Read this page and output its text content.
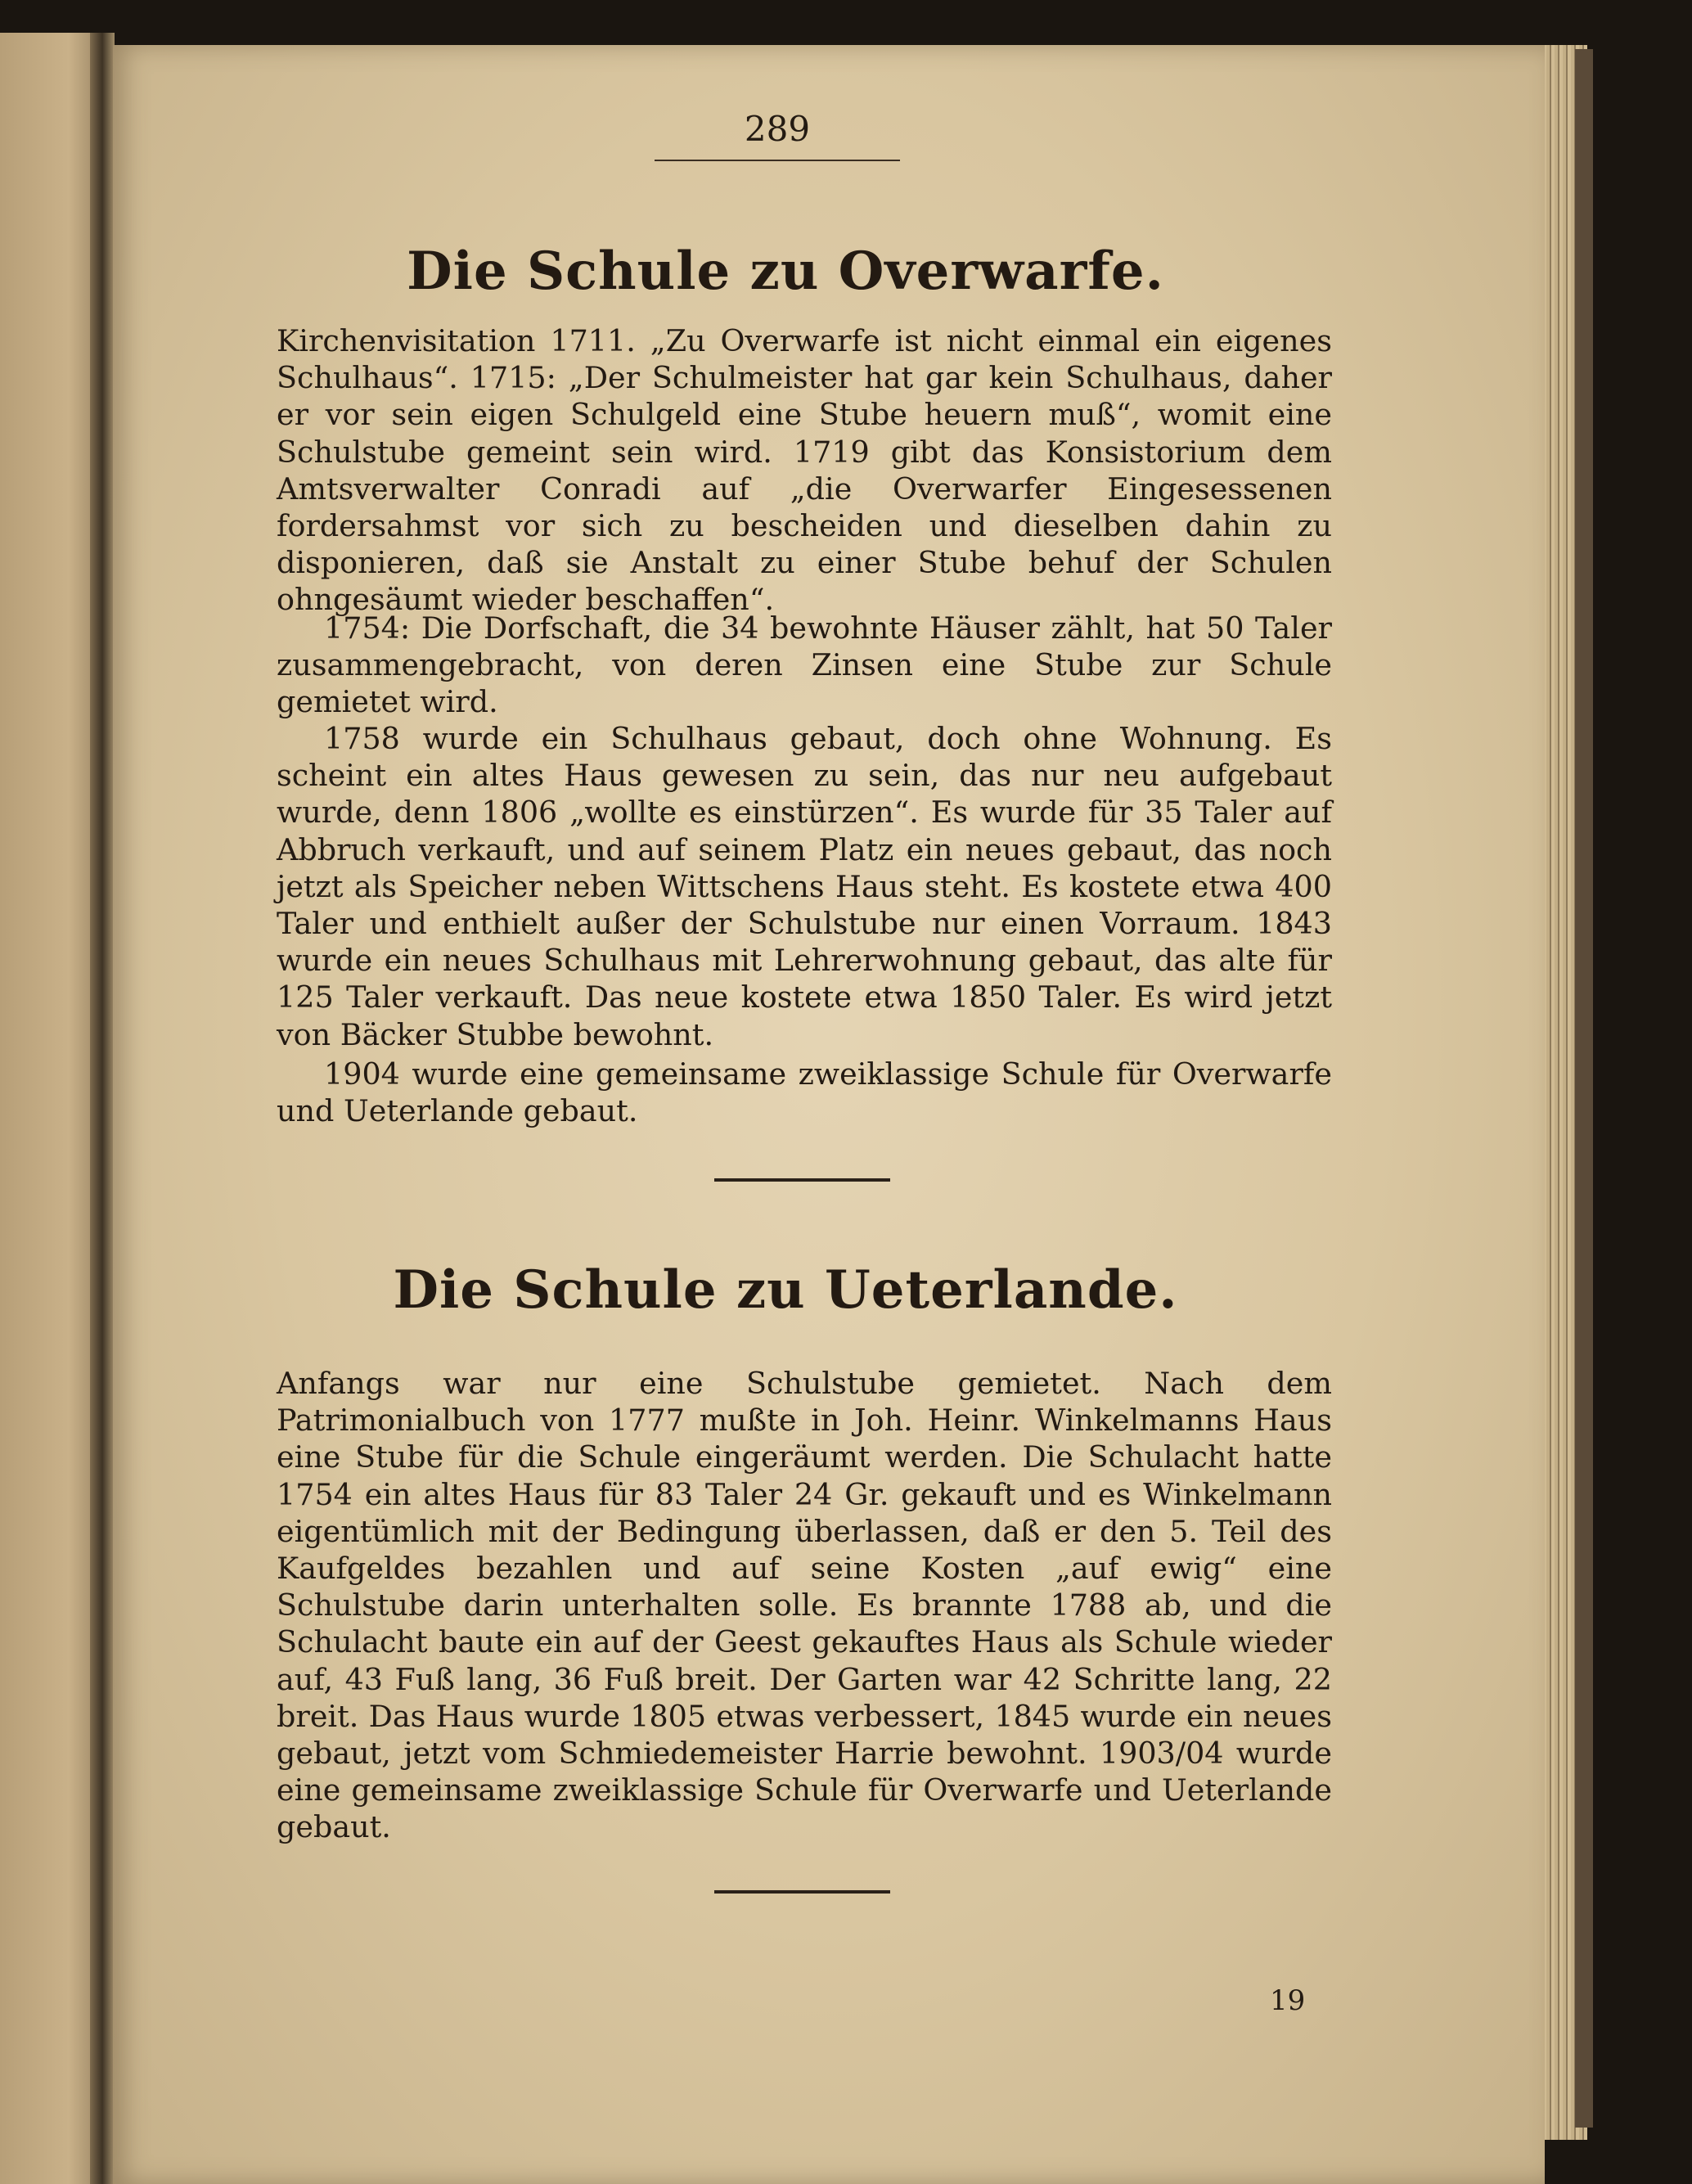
289

Die Schule zu Overwarfe.

Kirchenvisitation 1711. „Zu Overwarfe ist nicht einmal ein eigenes Schulhaus“. 1715: „Der Schulmeister hat gar kein Schulhaus, daher er vor sein eigen Schulgeld eine Stube heuern muß“, womit eine Schulstube gemeint sein wird. 1719 gibt das Konsistorium dem Amtsverwalter Conradi auf „die Overwarfer Eingesessenen fordersahmst vor sich zu bescheiden und dieselben dahin zu disponieren, daß sie Anstalt zu einer Stube behuf der Schulen ohngesäumt wieder beschaffen“.

1754: Die Dorfschaft, die 34 bewohnte Häuser zählt, hat 50 Taler zusammengebracht, von deren Zinsen eine Stube zur Schule gemietet wird.

1758 wurde ein Schulhaus gebaut, doch ohne Wohnung. Es scheint ein altes Haus gewesen zu sein, das nur neu aufgebaut wurde, denn 1806 „wollte es einstürzen“. Es wurde für 35 Taler auf Abbruch verkauft, und auf seinem Platz ein neues gebaut, das noch jetzt als Speicher neben Wittschens Haus steht. Es kostete etwa 400 Taler und enthielt außer der Schulstube nur einen Vorraum. 1843 wurde ein neues Schulhaus mit Lehrerwohnung gebaut, das alte für 125 Taler verkauft. Das neue kostete etwa 1850 Taler. Es wird jetzt von Bäcker Stubbe bewohnt.

1904 wurde eine gemeinsame zweiklassige Schule für Overwarfe und Ueterlande gebaut.

Die Schule zu Ueterlande.

Anfangs war nur eine Schulstube gemietet. Nach dem Patrimonialbuch von 1777 mußte in Joh. Heinr. Winkelmanns Haus eine Stube für die Schule eingeräumt werden. Die Schulacht hatte 1754 ein altes Haus für 83 Taler 24 Gr. gekauft und es Winkelmann eigentümlich mit der Bedingung überlassen, daß er den 5. Teil des Kaufgeldes bezahlen und auf seine Kosten „auf ewig“ eine Schulstube darin unterhalten solle. Es brannte 1788 ab, und die Schulacht baute ein auf der Geest gekauftes Haus als Schule wieder auf, 43 Fuß lang, 36 Fuß breit. Der Garten war 42 Schritte lang, 22 breit. Das Haus wurde 1805 etwas verbessert, 1845 wurde ein neues gebaut, jetzt vom Schmiedemeister Harrie bewohnt. 1903/04 wurde eine gemeinsame zweiklassige Schule für Overwarfe und Ueterlande gebaut.

19
